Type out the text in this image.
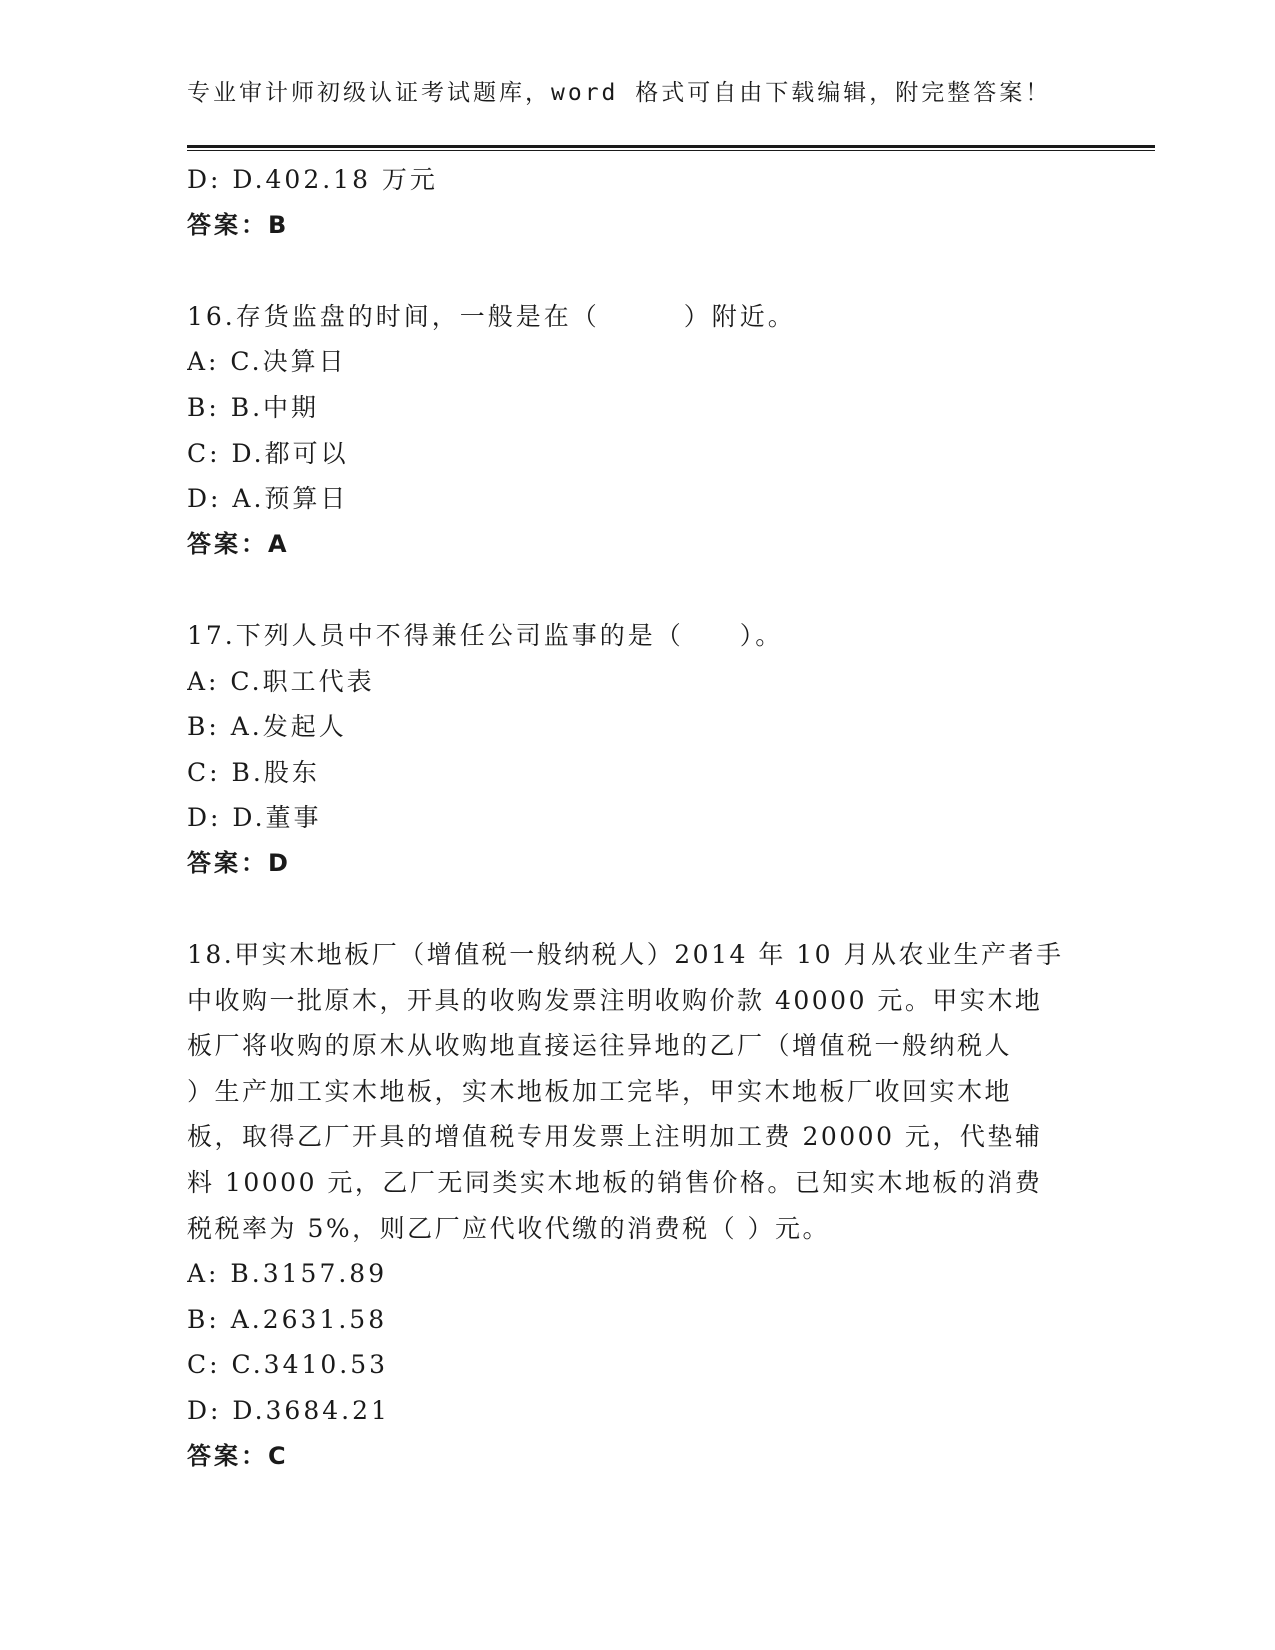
专业审计师初级认证考试题库，word 格式可自由下载编辑，附完整答案！
D: D.402.18 万元
答案：B
16.存货监盘的时间，一般是在（　　　）附近。
A: C.决算日
B: B.中期
C: D.都可以
D: A.预算日
答案：A
17.下列人员中不得兼任公司监事的是（　　）。
A: C.职工代表
B: A.发起人
C: B.股东
D: D.董事
答案：D
18.甲实木地板厂（增值税一般纳税人）2014 年 10 月从农业生产者手
中收购一批原木，开具的收购发票注明收购价款 40000 元。甲实木地
板厂将收购的原木从收购地直接运往异地的乙厂（增值税一般纳税人
）生产加工实木地板，实木地板加工完毕，甲实木地板厂收回实木地
板，取得乙厂开具的增值税专用发票上注明加工费 20000 元，代垫辅
料 10000 元，乙厂无同类实木地板的销售价格。已知实木地板的消费
税税率为 5%，则乙厂应代收代缴的消费税（ ）元。
A: B.3157.89
B: A.2631.58
C: C.3410.53
D: D.3684.21
答案：C
